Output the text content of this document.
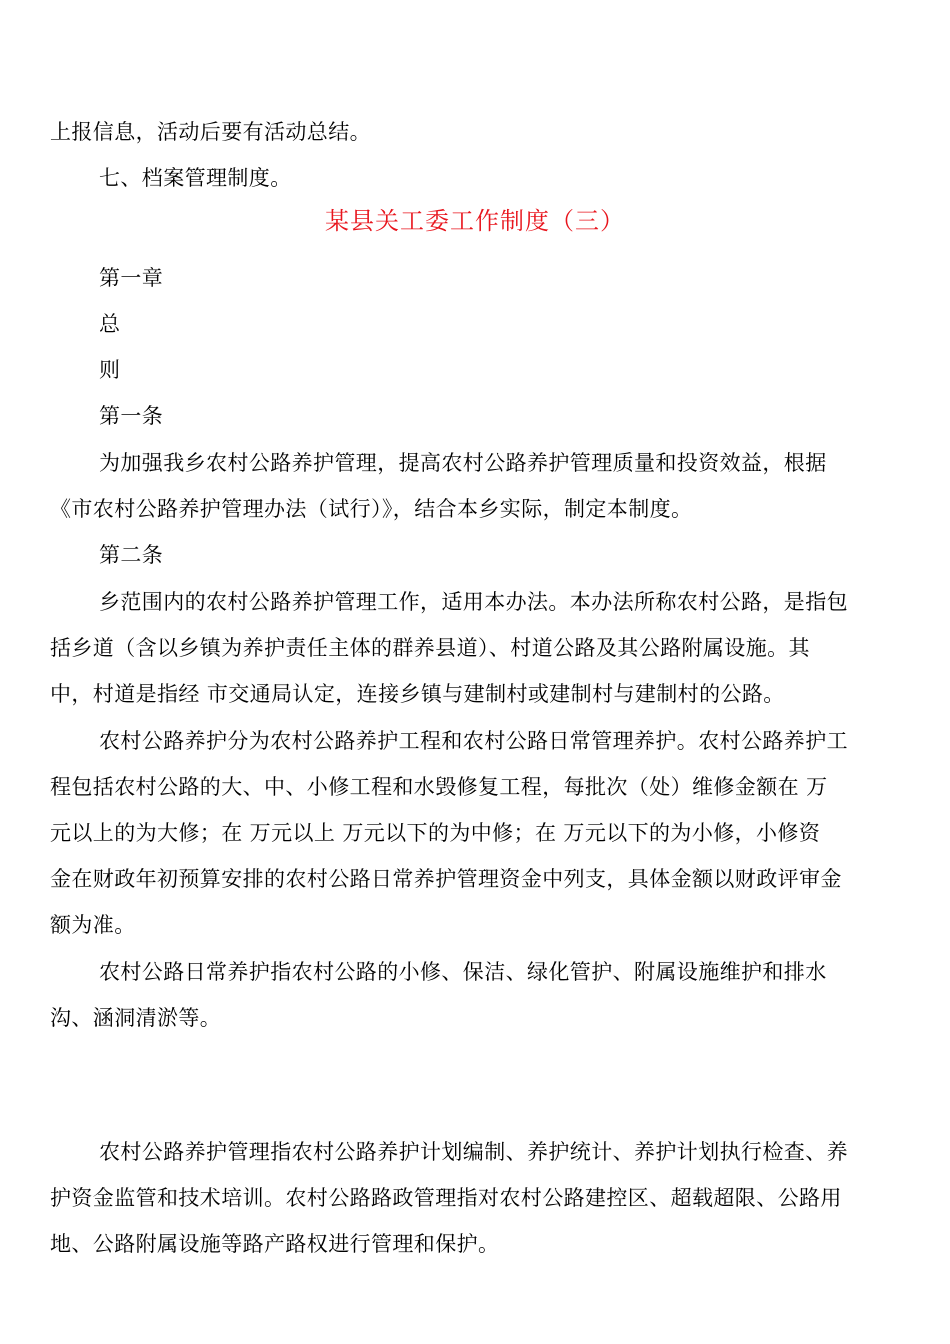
上报信息，活动后要有活动总结。
七、档案管理制度。
某县关工委工作制度（三）
第一章
总
则
第一条
为加强我乡农村公路养护管理，提高农村公路养护管理质量和投资效益，根据
《市农村公路养护管理办法（试行）》，结合本乡实际，制定本制度。
第二条
乡范围内的农村公路养护管理工作，适用本办法。本办法所称农村公路，是指包
括乡道（含以乡镇为养护责任主体的群养县道）、村道公路及其公路附属设施。其
中，村道是指经 市交通局认定，连接乡镇与建制村或建制村与建制村的公路。
农村公路养护分为农村公路养护工程和农村公路日常管理养护。农村公路养护工
程包括农村公路的大、中、小修工程和水毁修复工程，每批次（处）维修金额在 万
元以上的为大修；在 万元以上 万元以下的为中修；在 万元以下的为小修，小修资
金在财政年初预算安排的农村公路日常养护管理资金中列支，具体金额以财政评审金
额为准。
农村公路日常养护指农村公路的小修、保洁、绿化管护、附属设施维护和排水
沟、涵洞清淤等。
农村公路养护管理指农村公路养护计划编制、养护统计、养护计划执行检查、养
护资金监管和技术培训。农村公路路政管理指对农村公路建控区、超载超限、公路用
地、公路附属设施等路产路权进行管理和保护。
